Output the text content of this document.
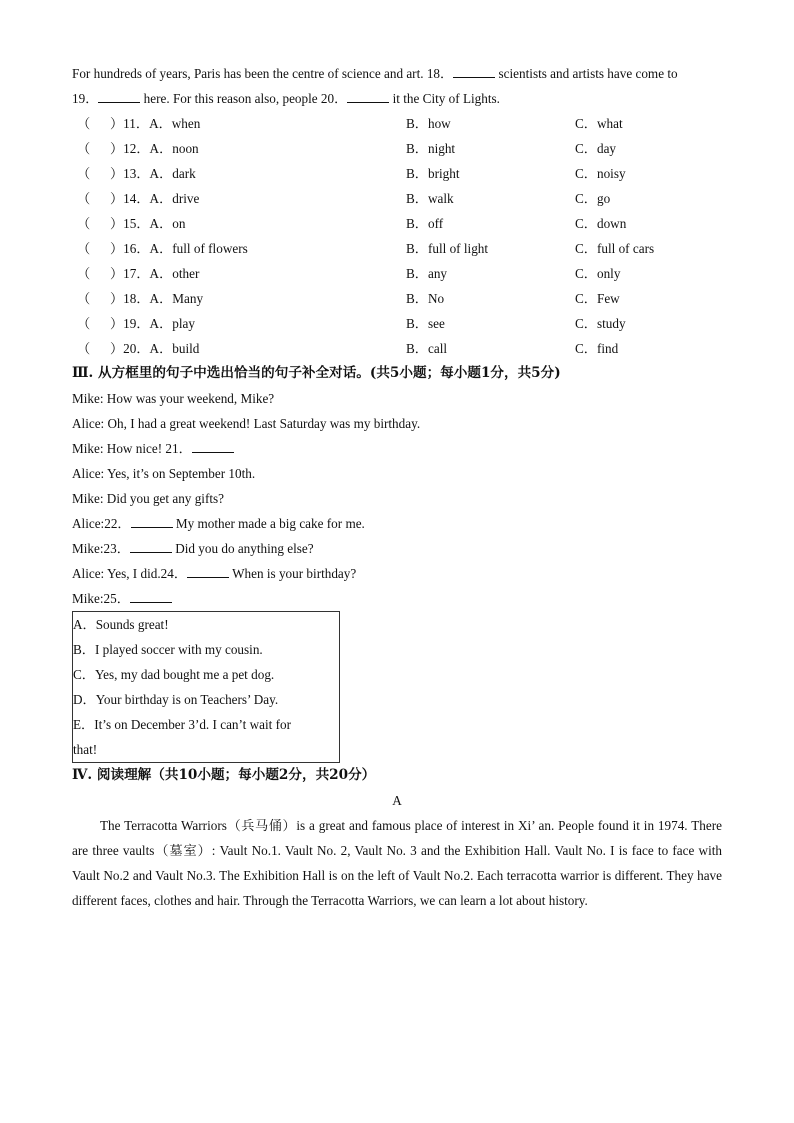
For hundreds of years, Paris has been the centre of science and art. 18．	scientists and artists have come to
19．	here. For this reason also, people 20．	it the City of Lights.
（ ）11．A．when	B．how	C．what
（ ）12．A．noon	B．night	C．day
（ ）13．A．dark	B．bright	C．noisy
（ ）14．A．drive	B．walk	C．go
（ ）15．A．on	B．off	C．down
（ ）16．A．full of flowers	B．full of light	C．full of cars
（ ）17．A．other	B．any	C．only
（ ）18．A．Many	B．No	C．Few
（ ）19．A．play	B．see	C．study
（ ）20．A．build	B．call	C．find
Ⅲ. 从方框里的句子中选出恰当的句子补全对话。(共5小题；每小题1分，共5分)
Mike: How was your weekend, Mike?
Alice: Oh, I had a great weekend! Last Saturday was my birthday.
Mike: How nice! 21．
Alice: Yes, it’s on September 10th.
Mike: Did you get any gifts?
Alice:22．	My mother made a big cake for me.
Mike:23．	Did you do anything else?
Alice: Yes, I did.24．	When is your birthday?
Mike:25．
A．Sounds great!
B．I played soccer with my cousin.
C．Yes, my dad bought me a pet dog.
D．Your birthday is on Teachers’ Day.
E．It’s on December 3’d. I can’t wait for that!
Ⅳ. 阅读理解（共10小题；每小题2分，共20分）
A
The Terracotta Warriors（兵马俑）is a great and famous place of interest in Xi’ an. People found it in 1974. There are three vaults（墓室）: Vault No.1. Vault No. 2, Vault No. 3 and the Exhibition Hall. Vault No. I is face to face with Vault No.2 and Vault No.3. The Exhibition Hall is on the left of Vault No.2. Each terracotta warrior is different. They have different faces, clothes and hair. Through the Terracotta Warriors, we can learn a lot about history.
